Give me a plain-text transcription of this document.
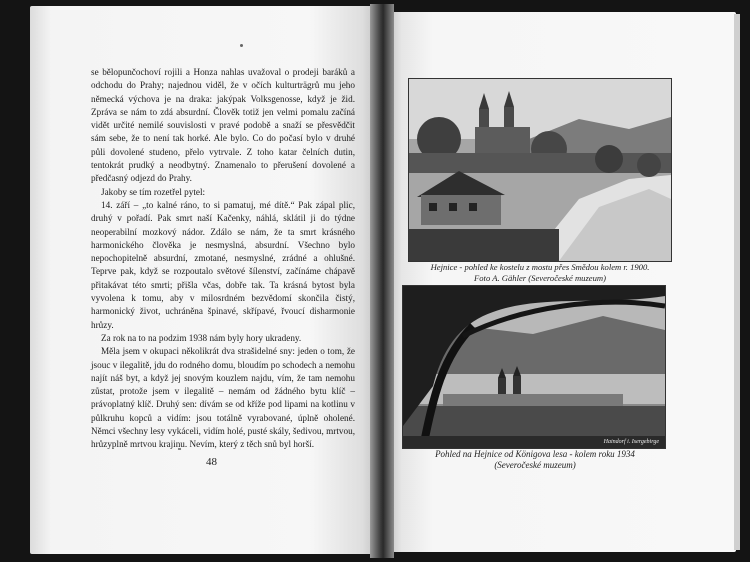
se bělopunčochoví rojili a Honza nahlas uvažoval o prodeji baráků a odchodu do Prahy; najednou viděl, že v očích kulturträgrů mu jeho německá výchova je na draka: jakýpak Volksgenosse, když je žid. Zpráva se nám to zdá absurdní. Člověk totiž jen velmi pomalu začíná vidět určité nemilé souvislosti v pravé podobě a snaží se přesvědčit sám sebe, že to není tak horké. Ale bylo. Co do počasí bylo v druhé půli dovolené studeno, přelo vytrvale. Z toho katar čelních dutin, tentokrát prudký a neodbytný. Znamenalo to přerušení dovolené a předčasný odjezd do Prahy.

Jakoby se tím rozetřel pytel:

14. září – „to kalné ráno, to si pamatuj, mé dítě.“ Pak zápal plic, druhý v pořadí. Pak smrt naší Kačenky, náhlá, sklátil ji do týdne neoperabilní mozkový nádor. Zdálo se nám, že ta smrt krásného harmonického člověka je nesmyslná, absurdní. Všechno bylo nepochopitelně absurdní, zmotané, nesmyslné, zrádné a ohlušné. Teprve pak, když se rozpoutalo světové šílenství, začínáme chápavě přitakávat této smrti; přišla včas, dobře tak. Ta krásná bytost byla vyvolena k tomu, aby v milosrdném bezvědomí skončila čistý, harmonický život, uchráněna špinavé, skřípavé, řvoucí disharmonie hrůzy.

Za rok na to na podzim 1938 nám byly hory ukradeny.

Měla jsem v okupaci několikrát dva strašidelné sny: jeden o tom, že jsouc v ilegalitě, jdu do rodného domu, bloudím po schodech a nemohu najít náš byt, a když jej snovým kouzlem najdu, vím, že tam nemohu zůstat, protože jsem v ilegalitě – nemám od žádného bytu klíč – právoplatný klíč. Druhý sen: dívám se od kříže pod lipami na kotlinu v půlkruhu kopců a vidím: jsou totálně vyrabované, úplně oholené. Němci všechny lesy vykáceli, vidím holé, pusté skály, šedivou, mrtvou, hrůzyplně mrtvou krajinu. Nevím, který z těch snů byl horší.

48
Hejnice - pohled ke kostelu z mostu přes Smědou kolem r. 1900.
Foto A. Gähler (Severočeské muzeum)
Haindorf i. Isergebirge
Pohled na Hejnice od Königova lesa - kolem roku 1934
(Severočeské muzeum)
